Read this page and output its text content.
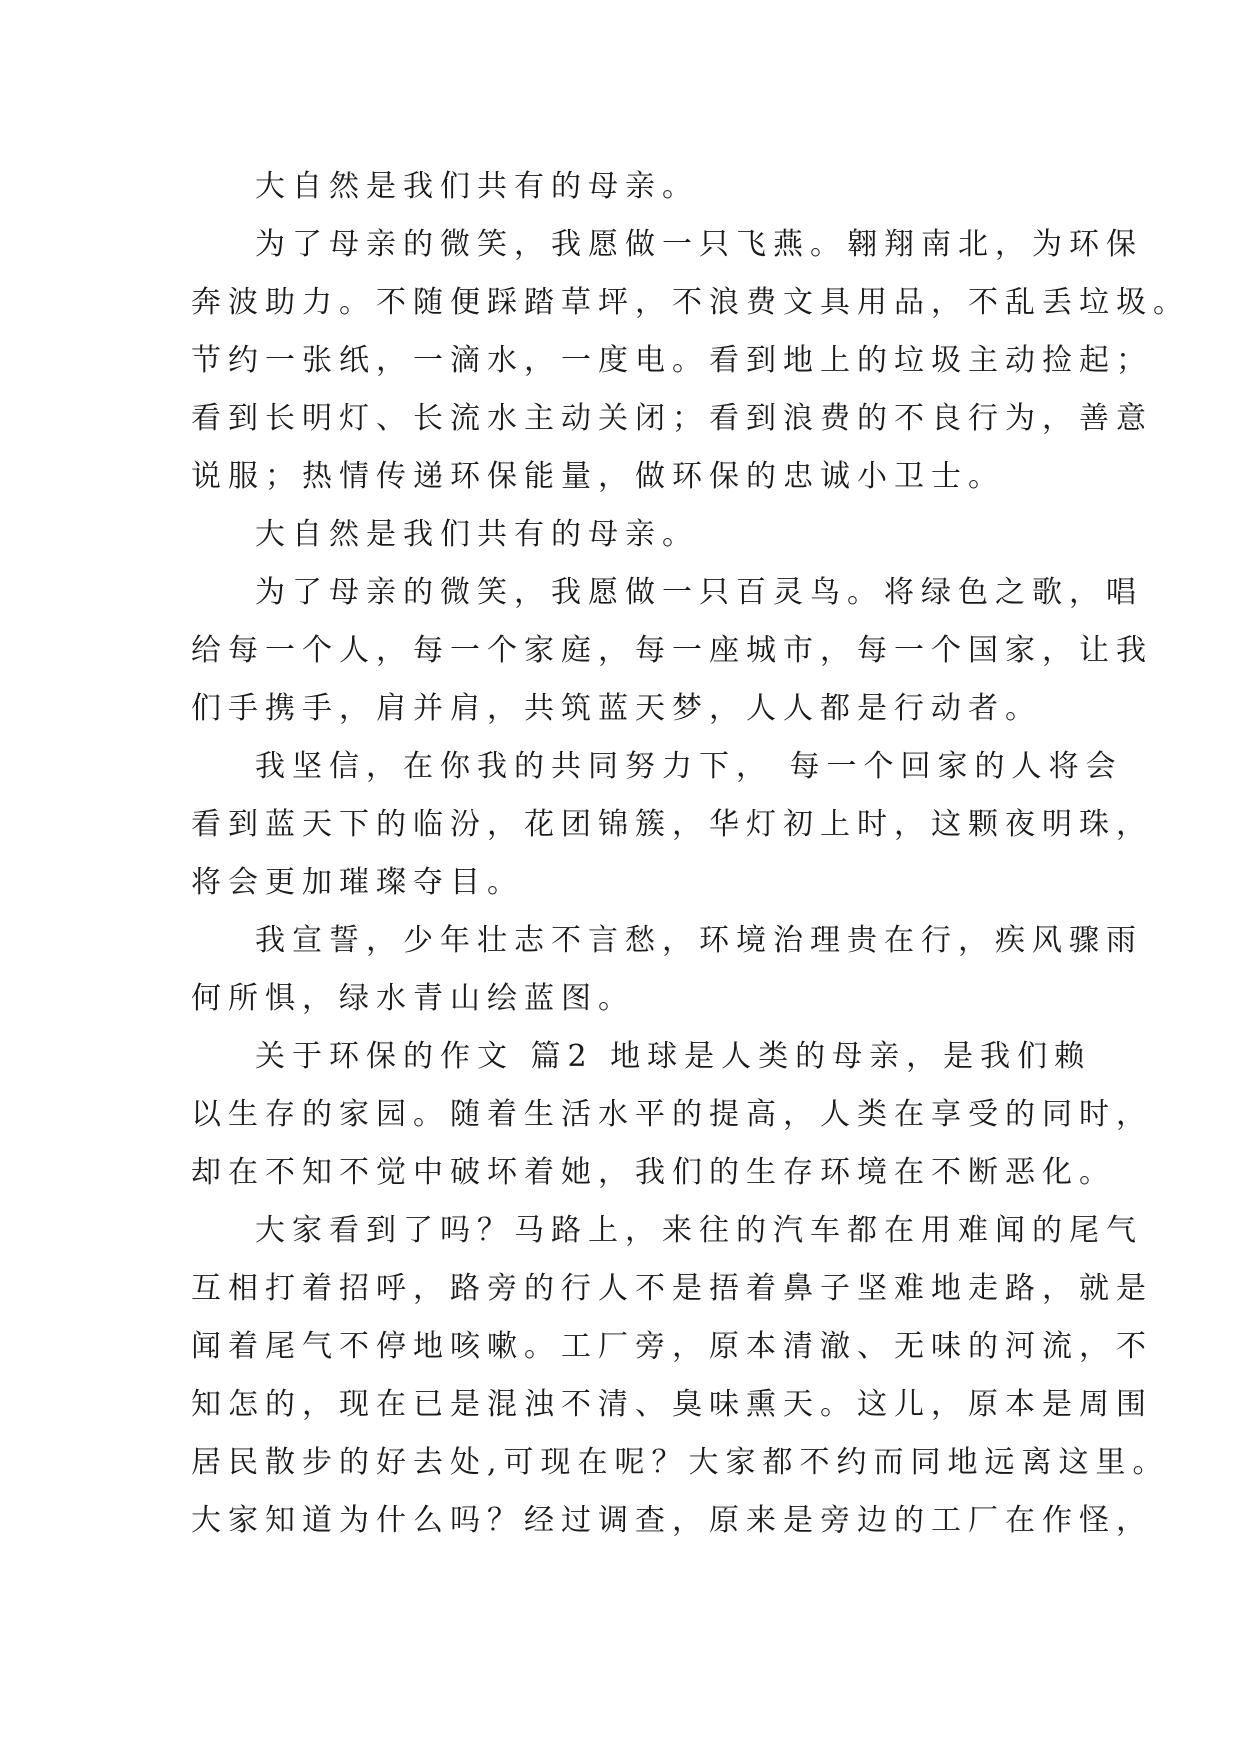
大自然是我们共有的母亲。
为了母亲的微笑，我愿做一只飞燕。翱翔南北，为环保
奔波助力。不随便踩踏草坪，不浪费文具用品，不乱丢垃圾。
节约一张纸，一滴水，一度电。看到地上的垃圾主动捡起；
看到长明灯、长流水主动关闭；看到浪费的不良行为，善意
说服；热情传递环保能量，做环保的忠诚小卫士。
大自然是我们共有的母亲。
为了母亲的微笑，我愿做一只百灵鸟。将绿色之歌，唱
给每一个人，每一个家庭，每一座城市，每一个国家，让我
们手携手，肩并肩，共筑蓝天梦，人人都是行动者。
我坚信，在你我的共同努力下， 每一个回家的人将会
看到蓝天下的临汾，花团锦簇，华灯初上时，这颗夜明珠，
将会更加璀璨夺目。
我宣誓，少年壮志不言愁，环境治理贵在行，疾风骤雨
何所惧，绿水青山绘蓝图。
关于环保的作文 篇2 地球是人类的母亲，是我们赖
以生存的家园。随着生活水平的提高，人类在享受的同时，
却在不知不觉中破坏着她，我们的生存环境在不断恶化。
大家看到了吗？马路上，来往的汽车都在用难闻的尾气
互相打着招呼，路旁的行人不是捂着鼻子坚难地走路，就是
闻着尾气不停地咳嗽。工厂旁，原本清澈、无味的河流，不
知怎的，现在已是混浊不清、臭味熏天。这儿，原本是周围
居民散步的好去处,可现在呢？大家都不约而同地远离这里。
大家知道为什么吗？经过调查，原来是旁边的工厂在作怪，
